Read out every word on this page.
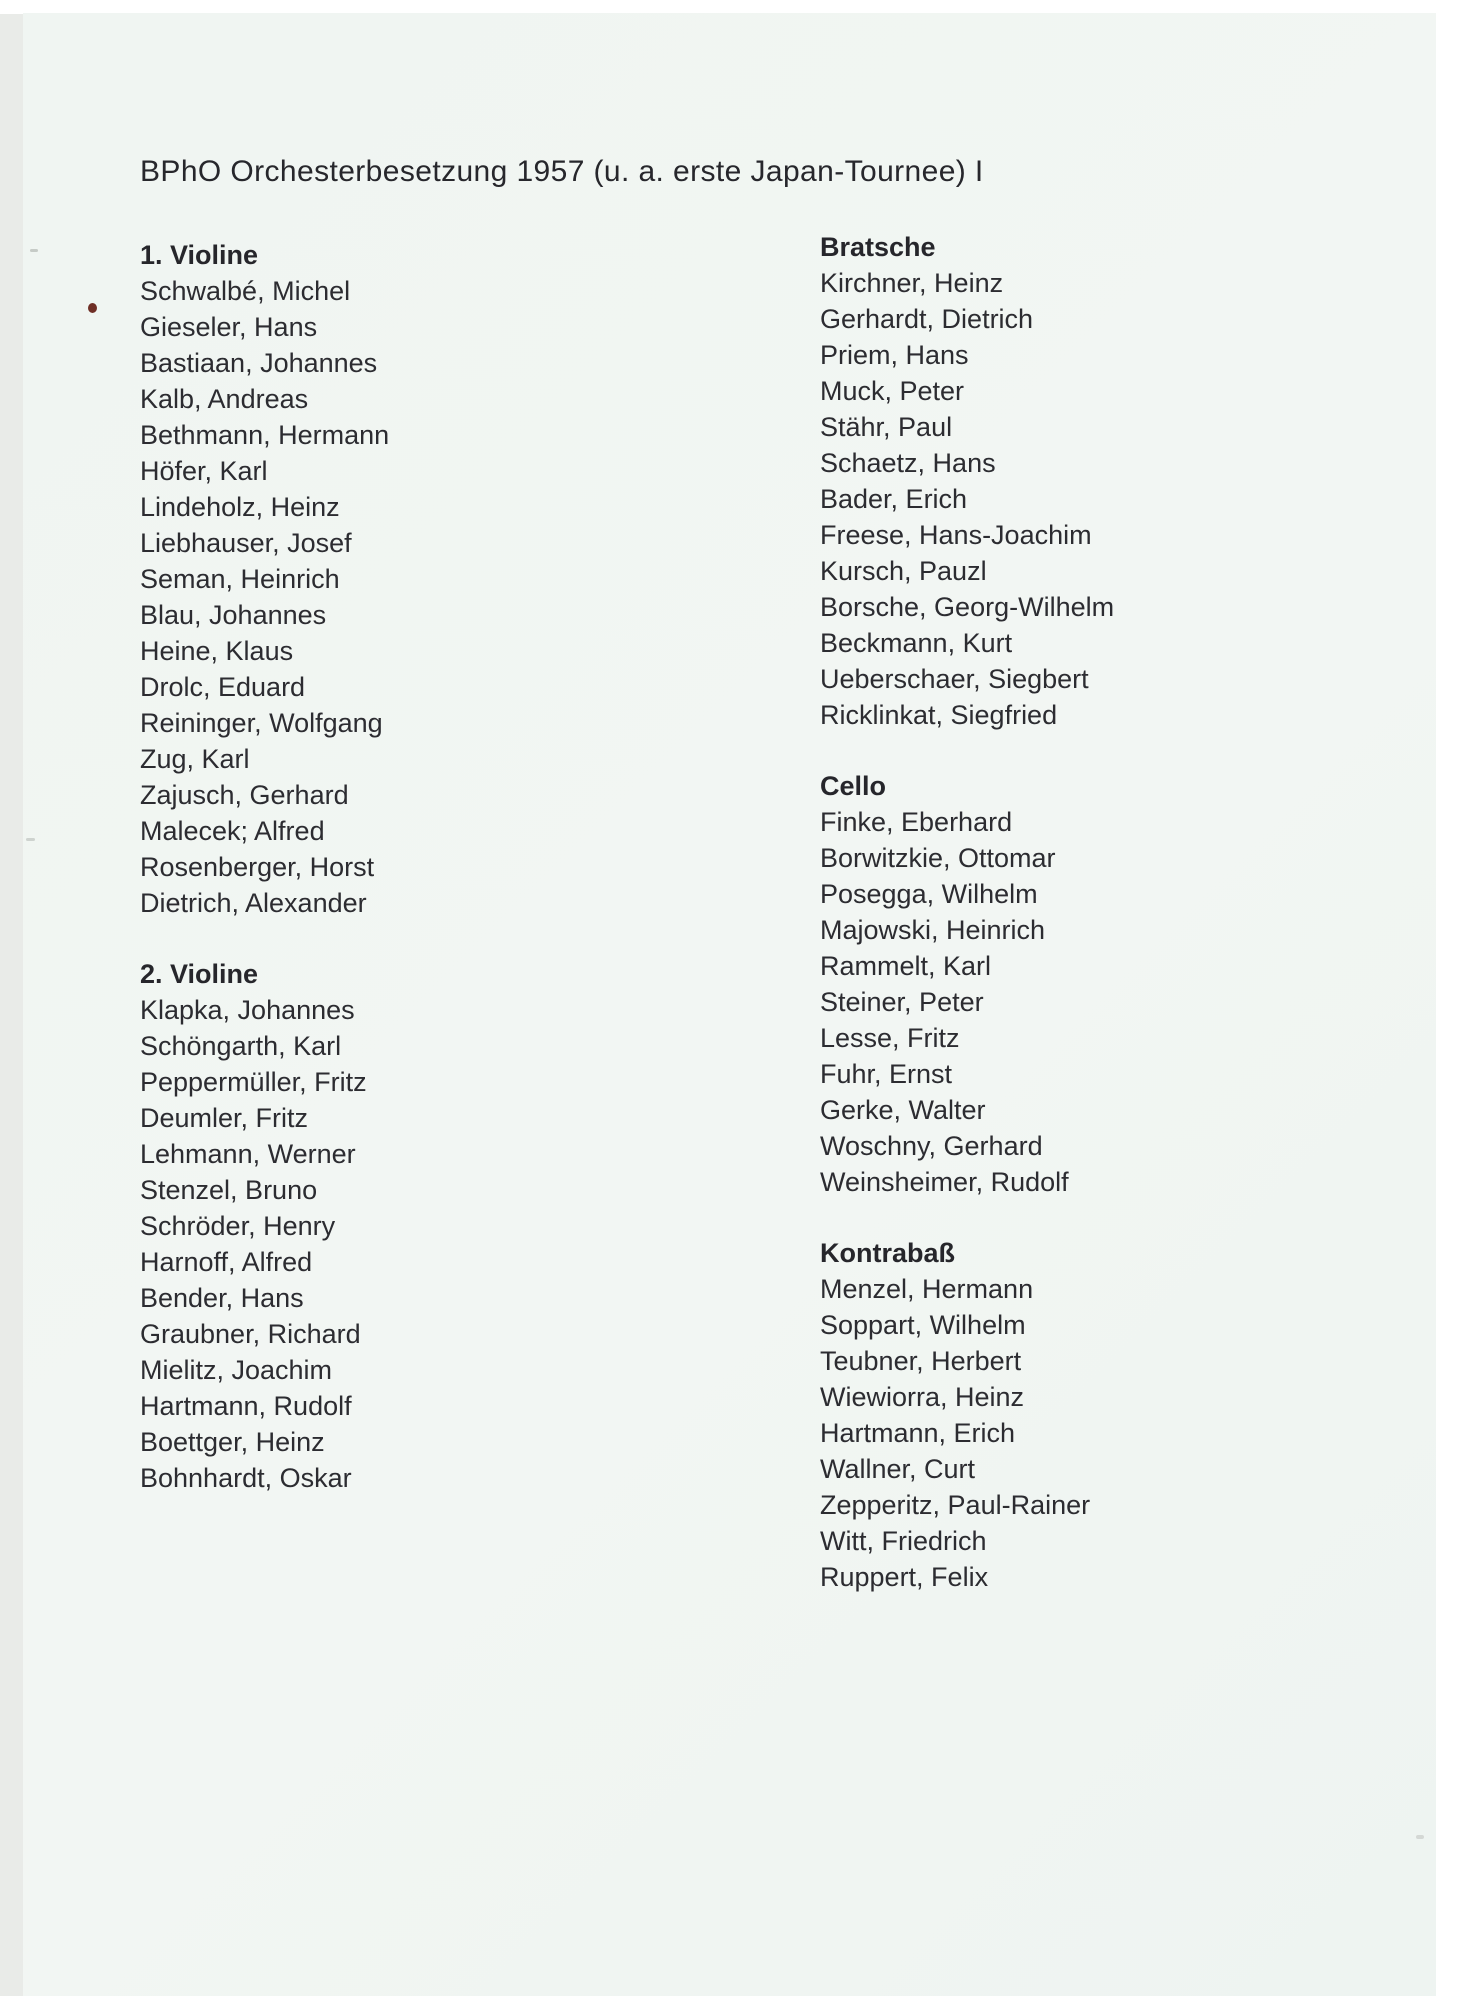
BPhO Orchesterbesetzung 1957 (u. a. erste Japan-Tournee) I
1. Violine
Schwalbé, Michel
Gieseler, Hans
Bastiaan, Johannes
Kalb, Andreas
Bethmann, Hermann
Höfer, Karl
Lindeholz, Heinz
Liebhauser, Josef
Seman, Heinrich
Blau, Johannes
Heine, Klaus
Drolc, Eduard
Reininger, Wolfgang
Zug, Karl
Zajusch, Gerhard
Malecek; Alfred
Rosenberger, Horst
Dietrich, Alexander
2. Violine
Klapka, Johannes
Schöngarth, Karl
Peppermüller, Fritz
Deumler, Fritz
Lehmann, Werner
Stenzel, Bruno
Schröder, Henry
Harnoff, Alfred
Bender, Hans
Graubner, Richard
Mielitz, Joachim
Hartmann, Rudolf
Boettger, Heinz
Bohnhardt, Oskar
Bratsche
Kirchner, Heinz
Gerhardt, Dietrich
Priem, Hans
Muck, Peter
Stähr, Paul
Schaetz, Hans
Bader, Erich
Freese, Hans-Joachim
Kursch, Pauzl
Borsche, Georg-Wilhelm
Beckmann, Kurt
Ueberschaer, Siegbert
Ricklinkat, Siegfried
Cello
Finke, Eberhard
Borwitzkie, Ottomar
Posegga, Wilhelm
Majowski, Heinrich
Rammelt, Karl
Steiner, Peter
Lesse, Fritz
Fuhr, Ernst
Gerke, Walter
Woschny, Gerhard
Weinsheimer, Rudolf
Kontrabaß
Menzel, Hermann
Soppart, Wilhelm
Teubner, Herbert
Wiewiorra, Heinz
Hartmann, Erich
Wallner, Curt
Zepperitz, Paul-Rainer
Witt, Friedrich
Ruppert, Felix
